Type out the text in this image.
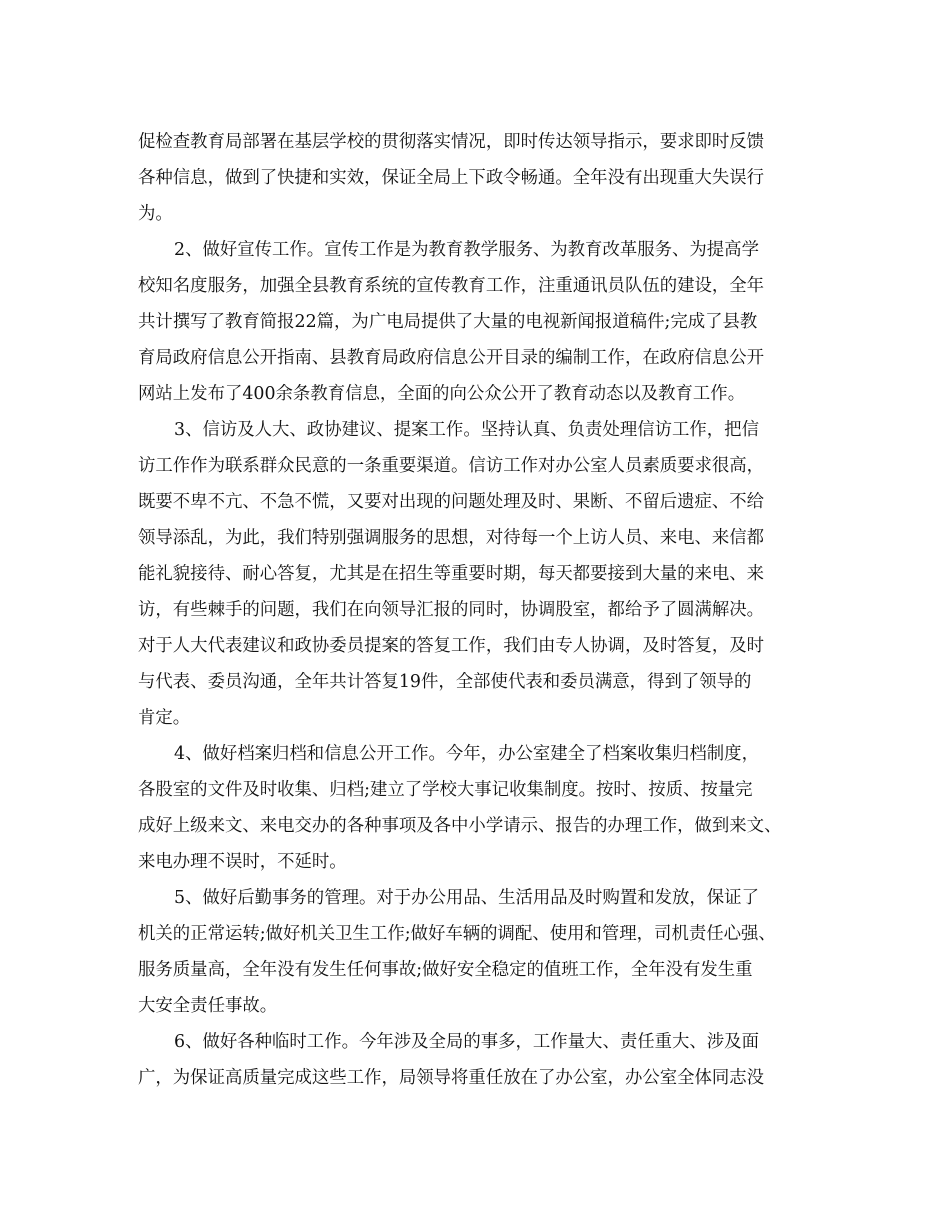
促检查教育局部署在基层学校的贯彻落实情况，即时传达领导指示，要求即时反馈
各种信息，做到了快捷和实效，保证全局上下政令畅通。全年没有出现重大失误行
为。
2、做好宣传工作。宣传工作是为教育教学服务、为教育改革服务、为提高学
校知名度服务，加强全县教育系统的宣传教育工作，注重通讯员队伍的建设，全年
共计撰写了教育简报22篇，为广电局提供了大量的电视新闻报道稿件;完成了县教
育局政府信息公开指南、县教育局政府信息公开目录的编制工作，在政府信息公开
网站上发布了400余条教育信息，全面的向公众公开了教育动态以及教育工作。
3、信访及人大、政协建议、提案工作。坚持认真、负责处理信访工作，把信
访工作作为联系群众民意的一条重要渠道。信访工作对办公室人员素质要求很高，
既要不卑不亢、不急不慌，又要对出现的问题处理及时、果断、不留后遗症、不给
领导添乱，为此，我们特别强调服务的思想，对待每一个上访人员、来电、来信都
能礼貌接待、耐心答复，尤其是在招生等重要时期，每天都要接到大量的来电、来
访，有些棘手的问题，我们在向领导汇报的同时，协调股室，都给予了圆满解决。
对于人大代表建议和政协委员提案的答复工作，我们由专人协调，及时答复，及时
与代表、委员沟通，全年共计答复19件，全部使代表和委员满意，得到了领导的
肯定。
4、做好档案归档和信息公开工作。今年，办公室建全了档案收集归档制度，
各股室的文件及时收集、归档;建立了学校大事记收集制度。按时、按质、按量完
成好上级来文、来电交办的各种事项及各中小学请示、报告的办理工作，做到来文、
来电办理不误时，不延时。
5、做好后勤事务的管理。对于办公用品、生活用品及时购置和发放，保证了
机关的正常运转;做好机关卫生工作;做好车辆的调配、使用和管理，司机责任心强、
服务质量高，全年没有发生任何事故;做好安全稳定的值班工作，全年没有发生重
大安全责任事故。
6、做好各种临时工作。今年涉及全局的事多，工作量大、责任重大、涉及面
广，为保证高质量完成这些工作，局领导将重任放在了办公室，办公室全体同志没
